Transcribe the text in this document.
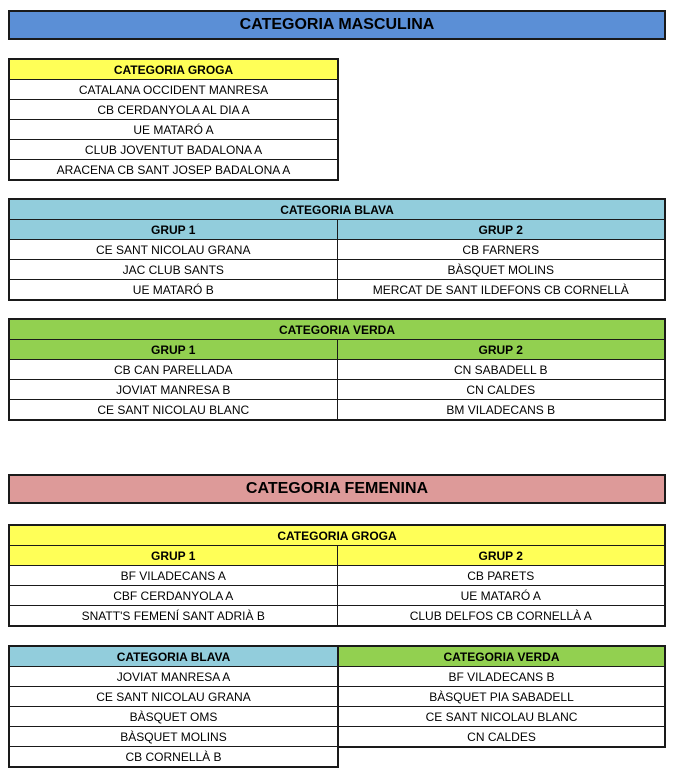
CATEGORIA MASCULINA
CATEGORIA GROGA
CATALANA OCCIDENT MANRESA
CB CERDANYOLA AL DIA A
UE MATARÓ A
CLUB JOVENTUT BADALONA A
ARACENA CB SANT JOSEP BADALONA A
CATEGORIA BLAVA	
GRUP 1	GRUP 2
CE SANT NICOLAU GRANA	CB FARNERS
JAC CLUB SANTS	BÀSQUET MOLINS
UE MATARÓ B	MERCAT DE SANT ILDEFONS CB CORNELLÀ
CATEGORIA VERDA	
GRUP 1	GRUP 2
CB CAN PARELLADA	CN SABADELL B
JOVIAT MANRESA B	CN CALDES
CE SANT NICOLAU BLANC	BM VILADECANS B
CATEGORIA FEMENINA
CATEGORIA GROGA	
GRUP 1	GRUP 2
BF VILADECANS A	CB PARETS
CBF CERDANYOLA A	UE MATARÓ A
SNATT'S FEMENÍ SANT ADRIÀ B	CLUB DELFOS CB CORNELLÀ A
CATEGORIA BLAVA
JOVIAT MANRESA A
CE SANT NICOLAU GRANA
BÀSQUET OMS
BÀSQUET MOLINS
CB CORNELLÀ B
CATEGORIA VERDA
BF VILADECANS B
BÀSQUET PIA SABADELL
CE SANT NICOLAU BLANC
CN CALDES
